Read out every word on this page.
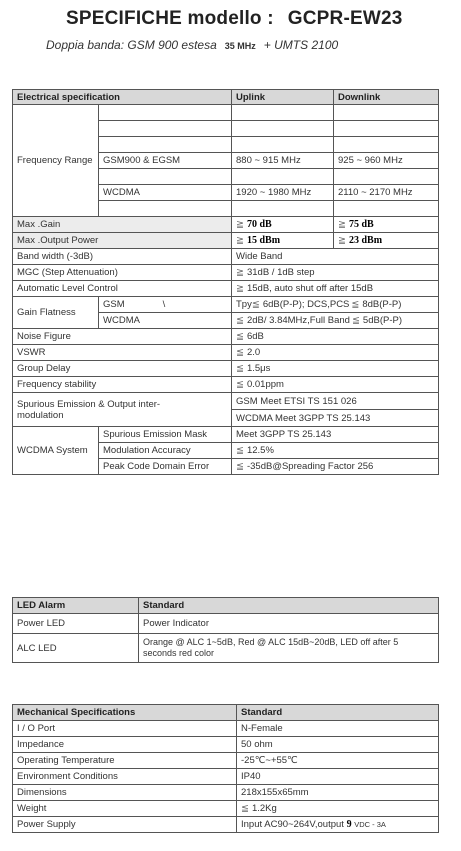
SPECIFICHE modello : GCPR-EW23
Doppia banda: GSM 900 estesa 35 MHz + UMTS 2100
Electrical specification		Uplink	Downlink
Frequency Range			

	GSM900 & EGSM	880 ~ 915 MHz	925 ~ 960 MHz

	WCDMA	1920 ~ 1980 MHz	2110 ~ 2170 MHz

Max .Gain		≧ 70 dB	≧ 75 dB
Max .Output Power		≧ 15 dBm	≧ 23 dBm
Band width (-3dB)		Wide Band	
MGC (Step Attenuation)		≧ 31dB / 1dB step	
Automatic Level Control		≧ 15dB, auto shut off after 15dB	
Gain Flatness	GSM \	Tpy≦ 6dB(P-P); DCS,PCS ≦ 8dB(P-P)	
	WCDMA	≦ 2dB/ 3.84MHz,Full Band ≦ 5dB(P-P)	
Noise Figure		≦ 6dB	
VSWR		≦ 2.0	
Group Delay		≦ 1.5μs	
Frequency stability		≦ 0.01ppm	
Spurious Emission & Output inter-modulation		GSM Meet ETSI TS 151 026	
		WCDMA Meet 3GPP TS 25.143	
WCDMA System	Spurious Emission Mask	Meet 3GPP TS 25.143	
	Modulation Accuracy	≦ 12.5%	
	Peak Code Domain Error	≦ -35dB@Spreading Factor 256	
LED Alarm	Standard
Power LED	Power Indicator
ALC LED	Orange @ ALC 1~5dB, Red @ ALC 15dB~20dB, LED off after 5 seconds red color
Mechanical Specifications	Standard
I / O Port	N-Female
Impedance	50 ohm
Operating Temperature	-25℃~+55℃
Environment Conditions	IP40
Dimensions	218x155x65mm
Weight	≦ 1.2Kg
Power Supply	Input AC90~264V,output 9 VDC - 3A
